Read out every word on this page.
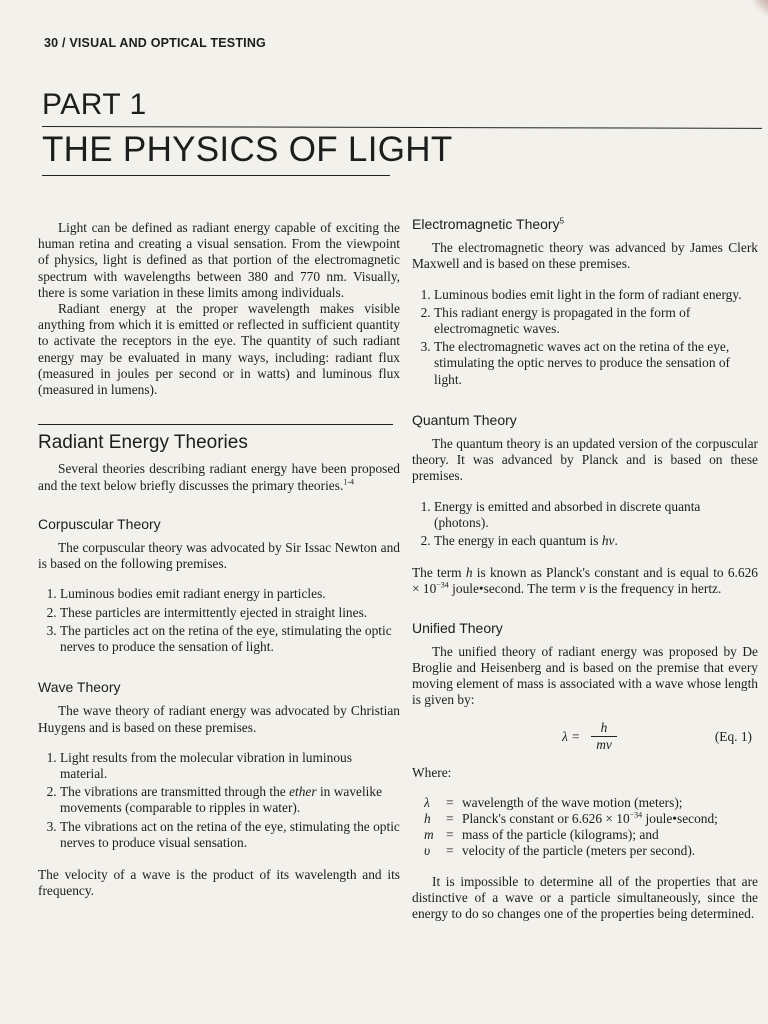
30 / VISUAL AND OPTICAL TESTING
PART 1
THE PHYSICS OF LIGHT

Light can be defined as radiant energy capable of exciting the human retina and creating a visual sensation. From the viewpoint of physics, light is defined as that portion of the electromagnetic spectrum with wavelengths between 380 and 770 nm. Visually, there is some variation in these limits among individuals.

Radiant energy at the proper wavelength makes visible anything from which it is emitted or reflected in sufficient quantity to activate the receptors in the eye. The quantity of such radiant energy may be evaluated in many ways, including: radiant flux (measured in joules per second or in watts) and luminous flux (measured in lumens).

Radiant Energy Theories

Several theories describing radiant energy have been proposed and the text below briefly discusses the primary theories.$^{1-4}$

Corpuscular Theory

The corpuscular theory was advocated by Sir Issac Newton and is based on the following premises.

1. Luminous bodies emit radiant energy in particles.
2. These particles are intermittently ejected in straight lines.
3. The particles act on the retina of the eye, stimulating the optic nerves to produce the sensation of light.
Wave Theory

The wave theory of radiant energy was advocated by Christian Huygens and is based on these premises.

1. Light results from the molecular vibration in luminous material.
2. The vibrations are transmitted through the ether in wavelike movements (comparable to ripples in water).
3. The vibrations act on the retina of the eye, stimulating the optic nerves to produce visual sensation.

The velocity of a wave is the product of its wavelength and its frequency.

Electromagnetic Theory$^5$

The electromagnetic theory was advanced by James Clerk Maxwell and is based on these premises.

1. Luminous bodies emit light in the form of radiant energy.
2. This radiant energy is propagated in the form of electromagnetic waves.
3. The electromagnetic waves act on the retina of the eye, stimulating the optic nerves to produce the sensation of light.
Quantum Theory

The quantum theory is an updated version of the corpuscular theory. It was advanced by Planck and is based on these premises.

1. Energy is emitted and absorbed in discrete quanta (photons).
2. The energy in each quantum is hv.

The term h is known as Planck's constant and is equal to $6.626 \times 10^{-34}$ joule•second. The term v is the frequency in hertz.

Unified Theory

The unified theory of radiant energy was proposed by De Broglie and Heisenberg and is based on the premise that every moving element of mass is associated with a wave whose length is given by:

$\lambda = \frac{h}{mv}$	(Eq. 1)

Where:

λ	= wavelength of the wave motion (meters);
h	= Planck's constant or $6.626 \times 10^{-34}$ joule•second;
m = mass of the particle (kilograms); and
υ	= velocity of the particle (meters per second).

It is impossible to determine all of the properties that are distinctive of a wave or a particle simultaneously, since the energy to do so changes one of the properties being determined.
